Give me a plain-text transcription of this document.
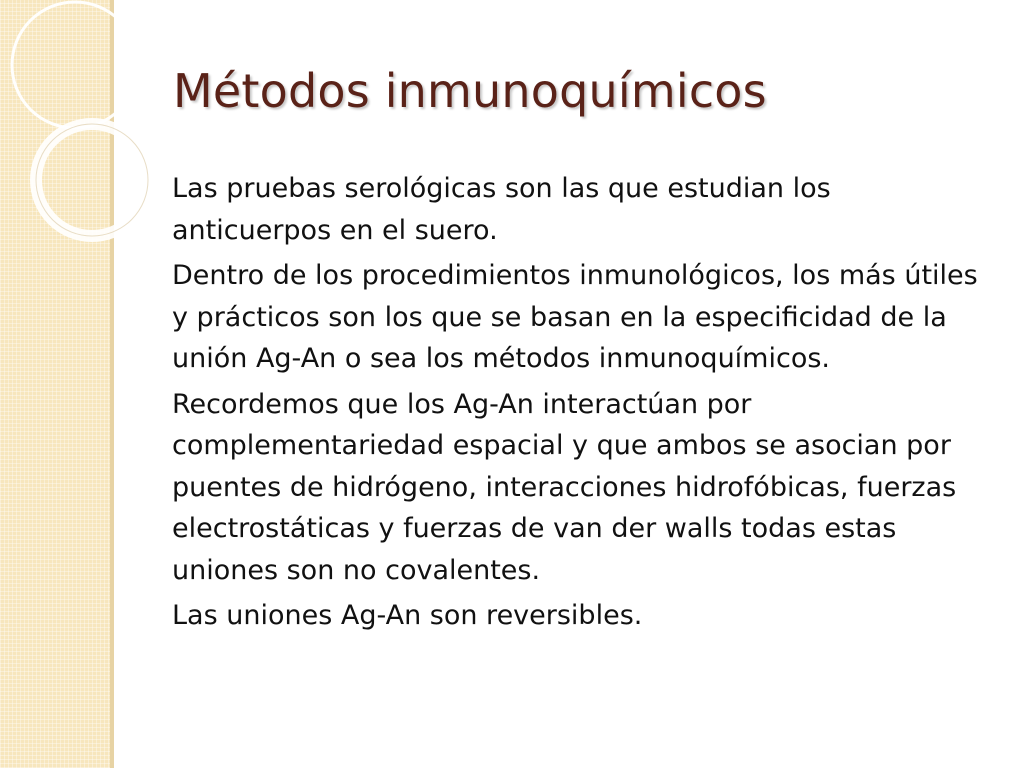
Métodos inmunoquímicos

Las pruebas serológicas son las que estudian los anticuerpos en el suero.

Dentro de los procedimientos inmunológicos, los más útiles y prácticos son los que se basan en la especificidad de la unión Ag-An o sea los métodos inmunoquímicos.

Recordemos que los Ag-An interactúan por complementariedad espacial y que ambos se asocian por puentes de hidrógeno, interacciones hidrofóbicas, fuerzas electrostáticas y fuerzas de van der walls todas estas uniones son no covalentes.

Las uniones Ag-An son reversibles.
